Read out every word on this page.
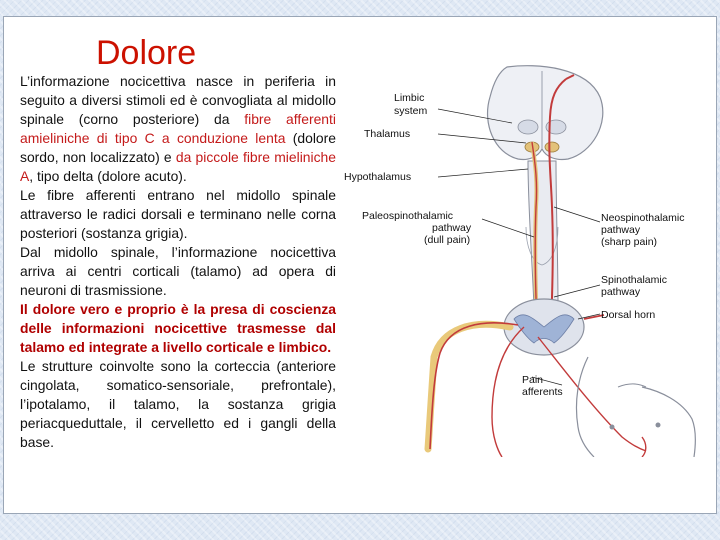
Dolore

L’informazione nocicettiva nasce in periferia in seguito a diversi stimoli ed è convogliata al midollo spinale (corno posteriore) da fibre afferenti amieliniche di tipo C a conduzione lenta (dolore sordo, non localizzato) e da piccole fibre mieliniche A, tipo delta (dolore acuto).

Le fibre afferenti entrano nel midollo spinale attraverso le radici dorsali e terminano nelle corna posteriori (sostanza grigia).

Dal midollo spinale, l’informazione nocicettiva arriva ai centri corticali (talamo) ad opera di neuroni di trasmissione.

Il dolore vero e proprio è la presa di coscienza delle informazioni nocicettive trasmesse dal talamo ed integrate a livello corticale e limbico.

Le strutture coinvolte sono la corteccia (anteriore cingolata, somatico-sensoriale, prefrontale), l’ipotalamo, il talamo, la sostanza grigia periacqueduttale, il cervelletto ed i gangli della base.

Limbic
system
Thalamus
Hypothalamus
Paleospinothalamic
pathway
(dull pain)
Neospinothalamic
pathway
(sharp pain)
Spinothalamic
pathway
Dorsal horn
Pain
afferents
